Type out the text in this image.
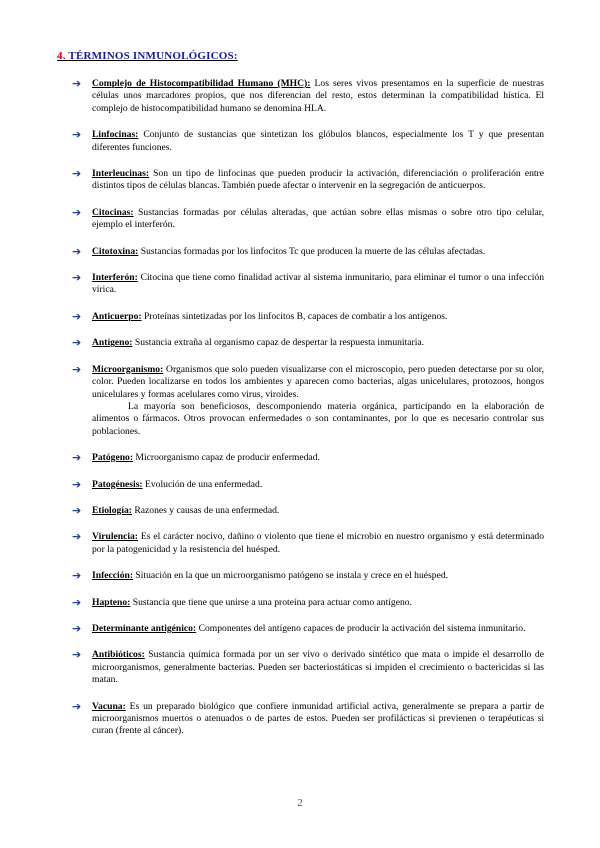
4. TÉRMINOS INMUNOLÓGICOS:
➔ Complejo de Histocompatibilidad Humano (MHC): Los seres vivos presentamos en la superficie de nuestras células unos marcadores propios, que nos diferencian del resto, estos determinan la compatibilidad hística. El complejo de histocompatibilidad humano se denomina HLA.
➔ Linfocinas: Conjunto de sustancias que sintetizan los glóbulos blancos, especialmente los T y que presentan diferentes funciones.
➔ Interleucinas: Son un tipo de linfocinas que pueden producir la activación, diferenciación o proliferación entre distintos tipos de células blancas. También puede afectar o intervenir en la segregación de anticuerpos.
➔ Citocinas: Sustancias formadas por células alteradas, que actúan sobre ellas mismas o sobre otro tipo celular, ejemplo el interferón.
➔ Citotoxina: Sustancias formadas por los linfocitos Tc que producen la muerte de las células afectadas.
➔ Interferón: Citocina que tiene como finalidad activar al sistema inmunitario, para eliminar el tumor o una infección vírica.
➔ Anticuerpo: Proteínas sintetizadas por los linfocitos B, capaces de combatir a los antígenos.
➔ Antígeno: Sustancia extraña al organismo capaz de despertar la respuesta inmunitaria.
➔ Microorganismo: Organismos que solo pueden visualizarse con el microscopio, pero pueden detectarse por su olor, color. Pueden localizarse en todos los ambientes y aparecen como bacterias, algas unicelulares, protozoos, hongos unicelulares y formas acelulares como virus, viroides.
La mayoría son beneficiosos, descomponiendo materia orgánica, participando en la elaboración de alimentos o fármacos. Otros provocan enfermedades o son contaminantes, por lo que es necesario controlar sus poblaciones.
➔ Patógeno: Microorganismo capaz de producir enfermedad.
➔ Patogénesis: Evolución de una enfermedad.
➔ Etiología: Razones y causas de una enfermedad.
➔ Virulencia: Es el carácter nocivo, dañino o violento que tiene el microbio en nuestro organismo y está determinado por la patogenicidad y la resistencia del huésped.
➔ Infección: Situación en la que un microorganismo patógeno se instala y crece en el huésped.
➔ Hapteno: Sustancia que tiene que unirse a una proteína para actuar como antígeno.
➔ Determinante antigénico: Componentes del antígeno capaces de producir la activación del sistema inmunitario.
➔ Antibióticos: Sustancia química formada por un ser vivo o derivado sintético que mata o impide el desarrollo de microorganismos, generalmente bacterias. Pueden ser bacteriostáticas si impiden el crecimiento o bactericidas si las matan.
➔ Vacuna: Es un preparado biológico que confiere inmunidad artificial activa, generalmente se prepara a partir de microorganismos muertos o atenuados o de partes de estos. Pueden ser profilácticas si previenen o terapéuticas si curan (frente al cáncer).
2
